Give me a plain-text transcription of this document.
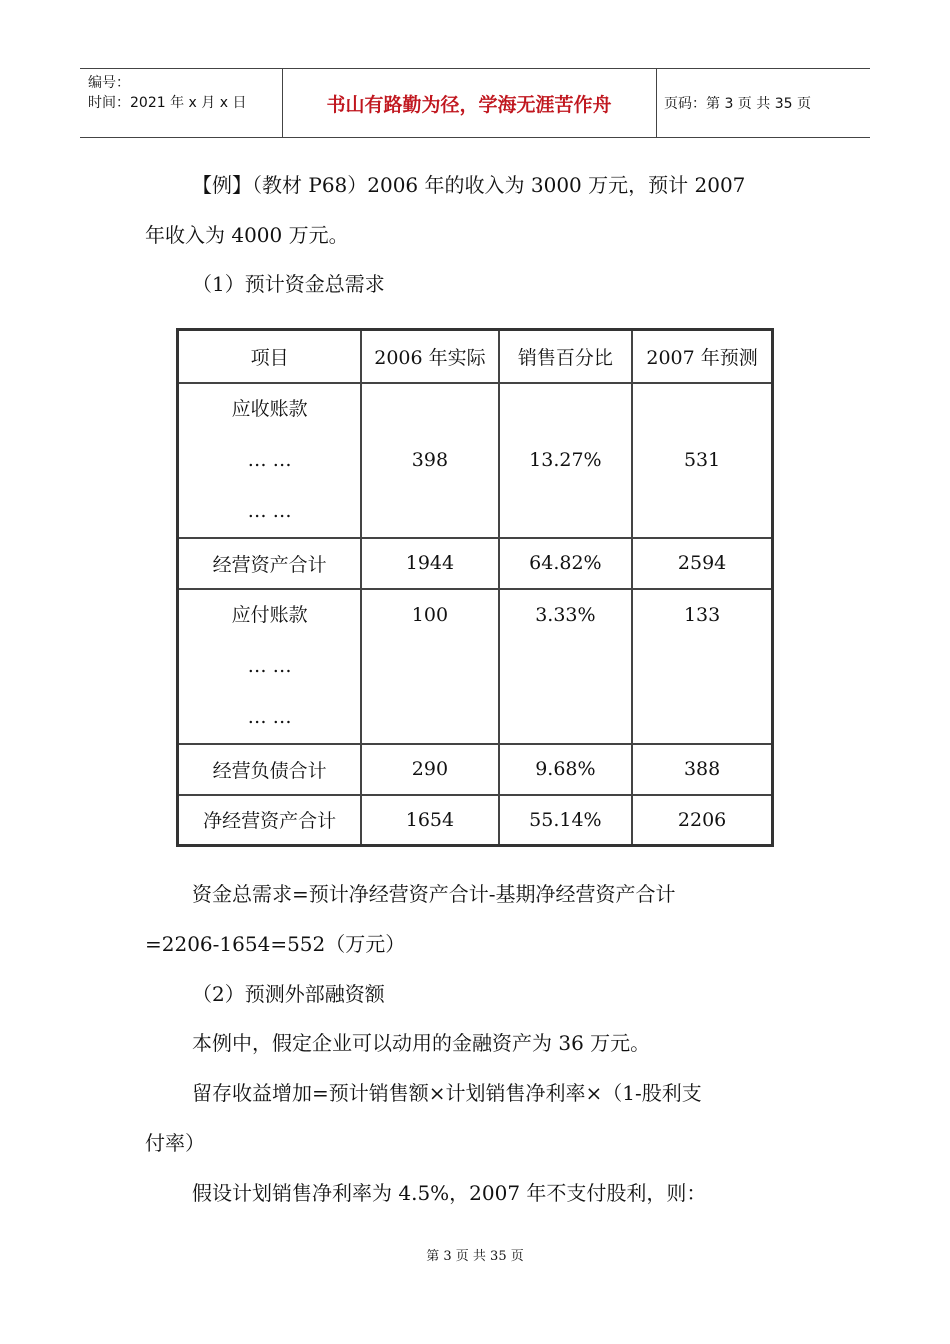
编号：
时间：2021 年 x 月 x 日	书山有路勤为径，学海无涯苦作舟	页码：第 3 页 共 35 页
【例】（教材 P68）2006 年的收入为 3000 万元，预计 2007
年收入为 4000 万元。
（1）预计资金总需求
项目	2006 年实际	销售百分比	2007 年预测

应收账款
… …
… …	398	13.27%	531
经营资产合计	1944	64.82%	2594

应付账款
… …
… …	100	3.33%	133

经营负债合计	290	9.68%	388
净经营资产合计	1654	55.14%	2206
资金总需求=预计净经营资产合计-基期净经营资产合计
=2206-1654=552（万元）
（2）预测外部融资额
本例中，假定企业可以动用的金融资产为 36 万元。
留存收益增加=预计销售额×计划销售净利率×（1-股利支
付率）
假设计划销售净利率为 4.5%，2007 年不支付股利，则：
第 3 页 共 35 页
